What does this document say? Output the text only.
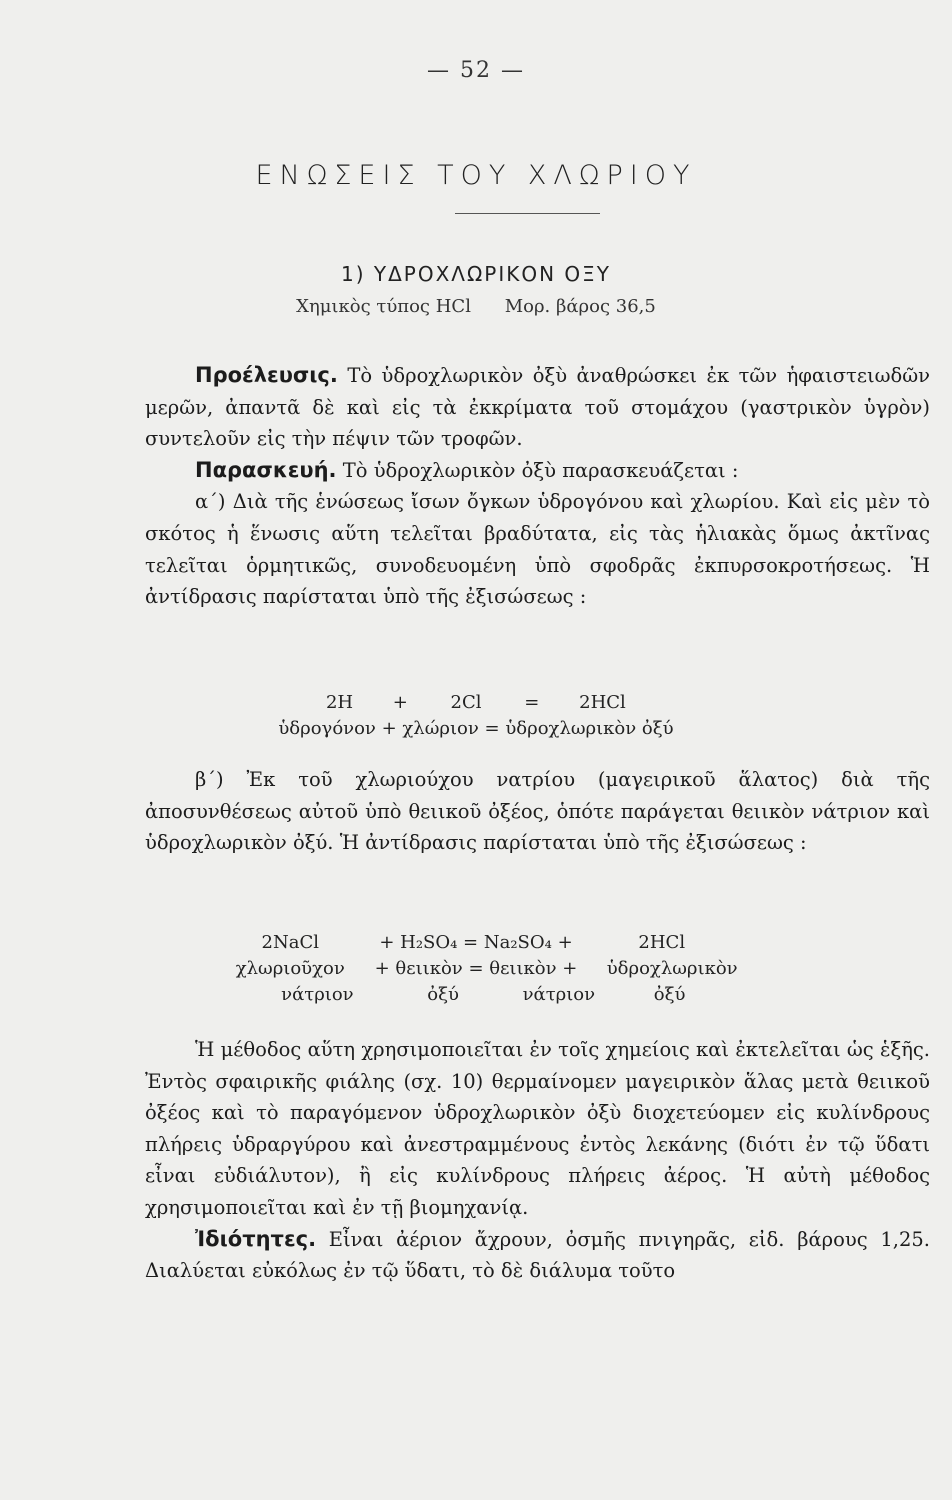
— 52 —
ΕΝΩΣΕΙΣ ΤΟΥ ΧΛΩΡΙΟΥ
1) ΥΔΡΟΧΛΩΡΙΚΟΝ ΟΞΥ
Χημικὸς τύπος HCl Μορ. βάρος 36,5

Προέλευσις. Τὸ ὑδροχλωρικὸν ὀξὺ ἀναθρώσκει ἐκ τῶν ἡφαιστειωδῶν μερῶν, ἀπαντᾶ δὲ καὶ εἰς τὰ ἐκκρίματα τοῦ στομάχου (γαστρικὸν ὑγρὸν) συντελοῦν εἰς τὴν πέψιν τῶν τροφῶν.

Παρασκευή. Τὸ ὑδροχλωρικὸν ὀξὺ παρασκευάζεται :

α΄) Διὰ τῆς ἑνώσεως ἴσων ὄγκων ὑδρογόνου καὶ χλωρίου. Καὶ εἰς μὲν τὸ σκότος ἡ ἕνωσις αὕτη τελεῖται βραδύτατα, εἰς τὰς ἡλιακὰς ὅμως ἀκτῖνας τελεῖται ὁρμητικῶς, συνοδευομένη ὑπὸ σφοδρᾶς ἐκπυρσοκροτήσεως. Ἡ ἀντίδρασις παρίσταται ὑπὸ τῆς ἐξισώσεως :

2H + 2Cl = 2HCl
ὑδρογόνον + χλώριον = ὑδροχλωρικὸν ὀξύ

β΄) Ἐκ τοῦ χλωριούχου νατρίου (μαγειρικοῦ ἅλατος) διὰ τῆς ἀποσυνθέσεως αὐτοῦ ὑπὸ θειικοῦ ὀξέος, ὁπότε παράγεται θειικὸν νάτριον καὶ ὑδροχλωρικὸν ὀξύ. Ἡ ἀντίδρασις παρίσταται ὑπὸ τῆς ἐξισώσεως :

2NaCl	+ H₂SO₄ = Na₂SO₄ +	2HCl
χλωριοῦχον + θειικὸν = θειικὸν + ὑδροχλωρικὸν
νάτριον	ὀξύ	νάτριον	ὀξύ

Ἡ μέθοδος αὕτη χρησιμοποιεῖται ἐν τοῖς χημείοις καὶ ἐκτελεῖται ὡς ἑξῆς. Ἐντὸς σφαιρικῆς φιάλης (σχ. 10) θερμαίνομεν μαγειρικὸν ἅλας μετὰ θειικοῦ ὀξέος καὶ τὸ παραγόμενον ὑδροχλωρικὸν ὀξὺ διοχετεύομεν εἰς κυλίνδρους πλήρεις ὑδραργύρου καὶ ἀνεστραμμένους ἐντὸς λεκάνης (διότι ἐν τῷ ὕδατι εἶναι εὐδιάλυτον), ἢ εἰς κυλίνδρους πλήρεις ἀέρος. Ἡ αὐτὴ μέθοδος χρησιμοποιεῖται καὶ ἐν τῇ βιομηχανίᾳ.

Ἰδιότητες. Εἶναι ἀέριον ἄχρουν, ὀσμῆς πνιγηρᾶς, εἰδ. βάρους 1,25. Διαλύεται εὐκόλως ἐν τῷ ὕδατι, τὸ δὲ διάλυμα τοῦτο
